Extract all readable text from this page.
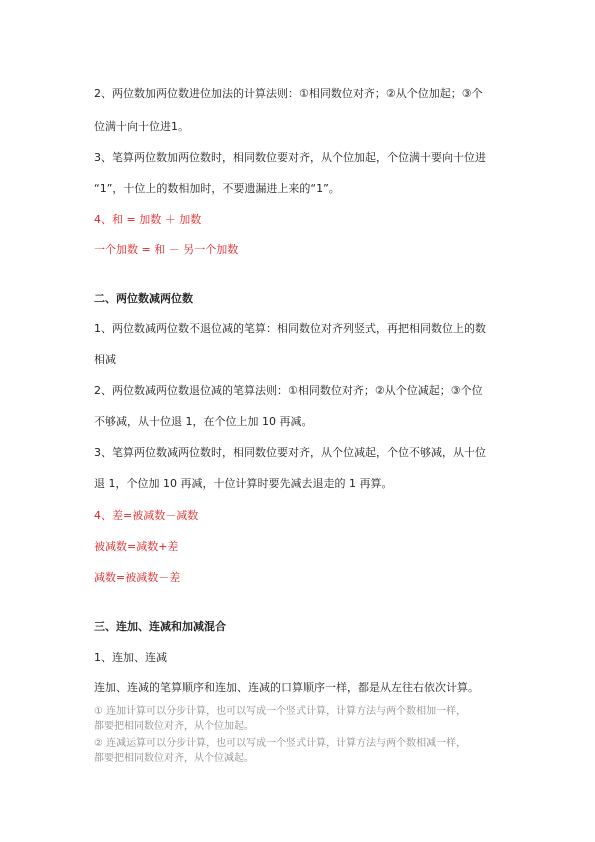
2、两位数加两位数进位加法的计算法则：①相同数位对齐；②从个位加起；③个
位满十向十位进1。
3、笔算两位数加两位数时，相同数位要对齐，从个位加起，个位满十要向十位进
“1”，十位上的数相加时，不要遗漏进上来的“1”。
4、和 = 加数 ＋ 加数
一个加数 = 和 － 另一个加数
二、两位数减两位数
1、两位数减两位数不退位减的笔算：相同数位对齐列竖式，再把相同数位上的数
相减
2、两位数减两位数退位减的笔算法则：①相同数位对齐；②从个位减起；③个位
不够减，从十位退 1，在个位上加 10 再减。
3、笔算两位数减两位数时，相同数位要对齐，从个位减起，个位不够减，从十位
退 1，个位加 10 再减，十位计算时要先减去退走的 1 再算。
4、差=被减数－减数
被减数=减数+差
减数=被减数－差
三、连加、连减和加减混合
1、连加、连减
连加、连减的笔算顺序和连加、连减的口算顺序一样，都是从左往右依次计算。
① 连加计算可以分步计算，也可以写成一个竖式计算，计算方法与两个数相加一样，
都要把相同数位对齐，从个位加起。
② 连减运算可以分步计算，也可以写成一个竖式计算，计算方法与两个数相减一样，
都要把相同数位对齐，从个位减起。
